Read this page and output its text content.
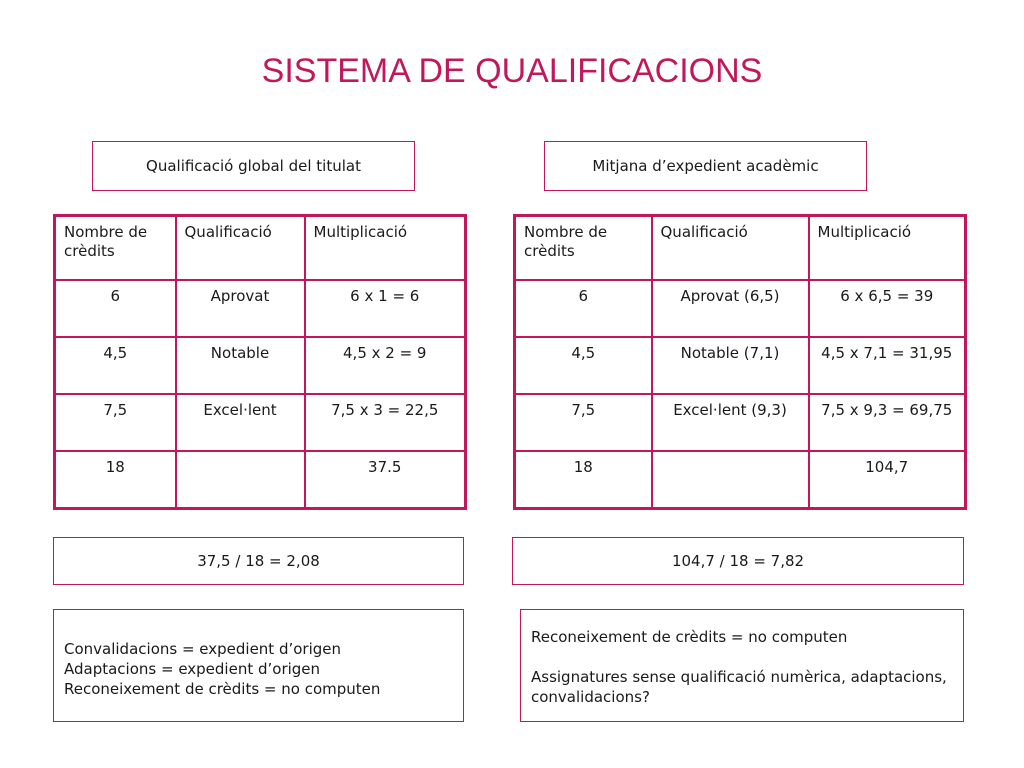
SISTEMA DE QUALIFICACIONS
Qualificació global del titulat	Mitjana d’expedient acadèmic
Nombre de crèdits	Qualificació	Multiplicació
6	Aprovat	6 x 1 = 6
4,5	Notable	4,5 x 2 = 9
7,5	Excel·lent	7,5 x 3 = 22,5
18		37.5
Nombre de crèdits	Qualificació	Multiplicació
6	Aprovat (6,5)	6 x 6,5 = 39
4,5	Notable (7,1)	4,5 x 7,1 = 31,95
7,5	Excel·lent (9,3)	7,5 x 9,3 = 69,75
18		104,7
37,5 / 18 = 2,08	104,7 / 18 = 7,82

Convalidacions = expedient d’origen

Adaptacions = expedient d’origen

Reconeixement de crèdits = no computen

Reconeixement de crèdits = no computen

Assignatures sense qualificació numèrica, adaptacions, convalidacions?
